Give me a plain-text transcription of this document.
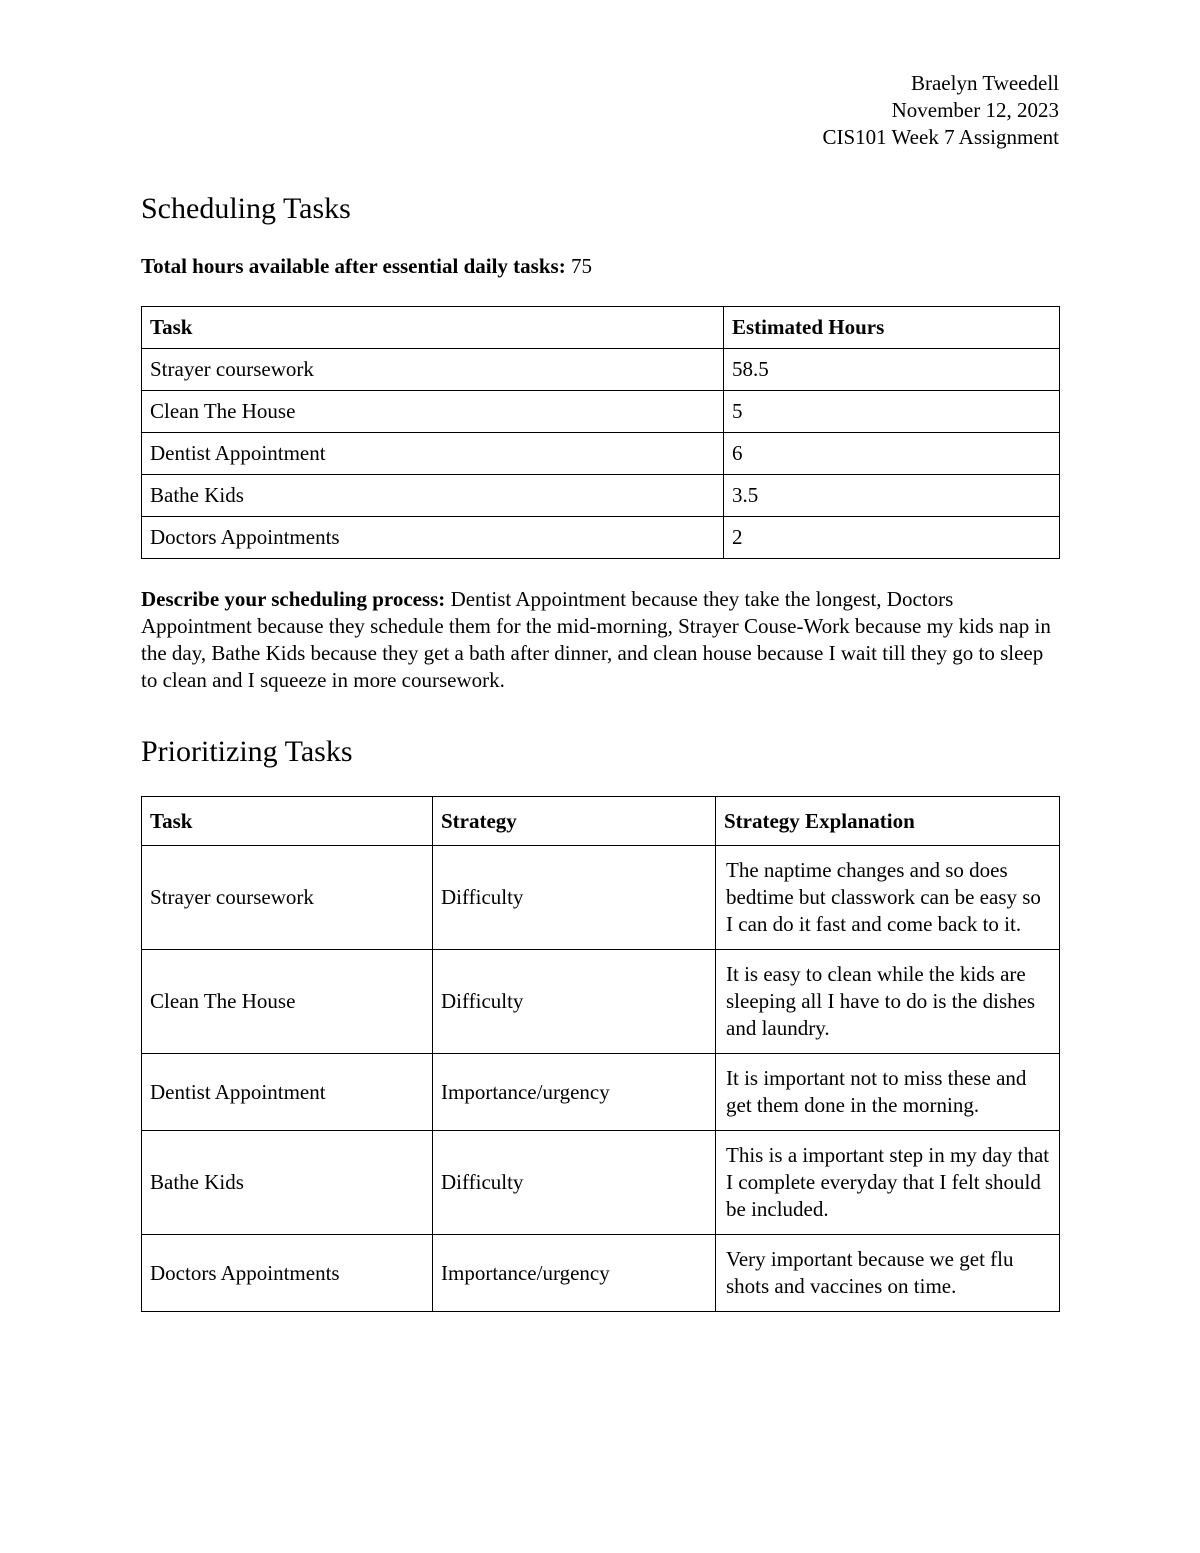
Braelyn Tweedell
November 12, 2023
CIS101 Week 7 Assignment
Scheduling Tasks
Total hours available after essential daily tasks: 75
Task	Estimated Hours
Strayer coursework	58.5
Clean The House	5
Dentist Appointment	6
Bathe Kids	3.5
Doctors Appointments	2
Describe your scheduling process: Dentist Appointment because they take the longest, Doctors Appointment because they schedule them for the mid-morning, Strayer Couse-Work because my kids nap in the day, Bathe Kids because they get a bath after dinner, and clean house because I wait till they go to sleep to clean and I squeeze in more coursework.
Prioritizing Tasks
Task	Strategy	Strategy Explanation
Strayer coursework	Difficulty	The naptime changes and so does bedtime but classwork can be easy so I can do it fast and come back to it.
Clean The House	Difficulty	It is easy to clean while the kids are sleeping all I have to do is the dishes and laundry.
Dentist Appointment	Importance/urgency	It is important not to miss these and get them done in the morning.
Bathe Kids	Difficulty	This is a important step in my day that I complete everyday that I felt should be included.
Doctors Appointments	Importance/urgency	Very important because we get flu shots and vaccines on time.
